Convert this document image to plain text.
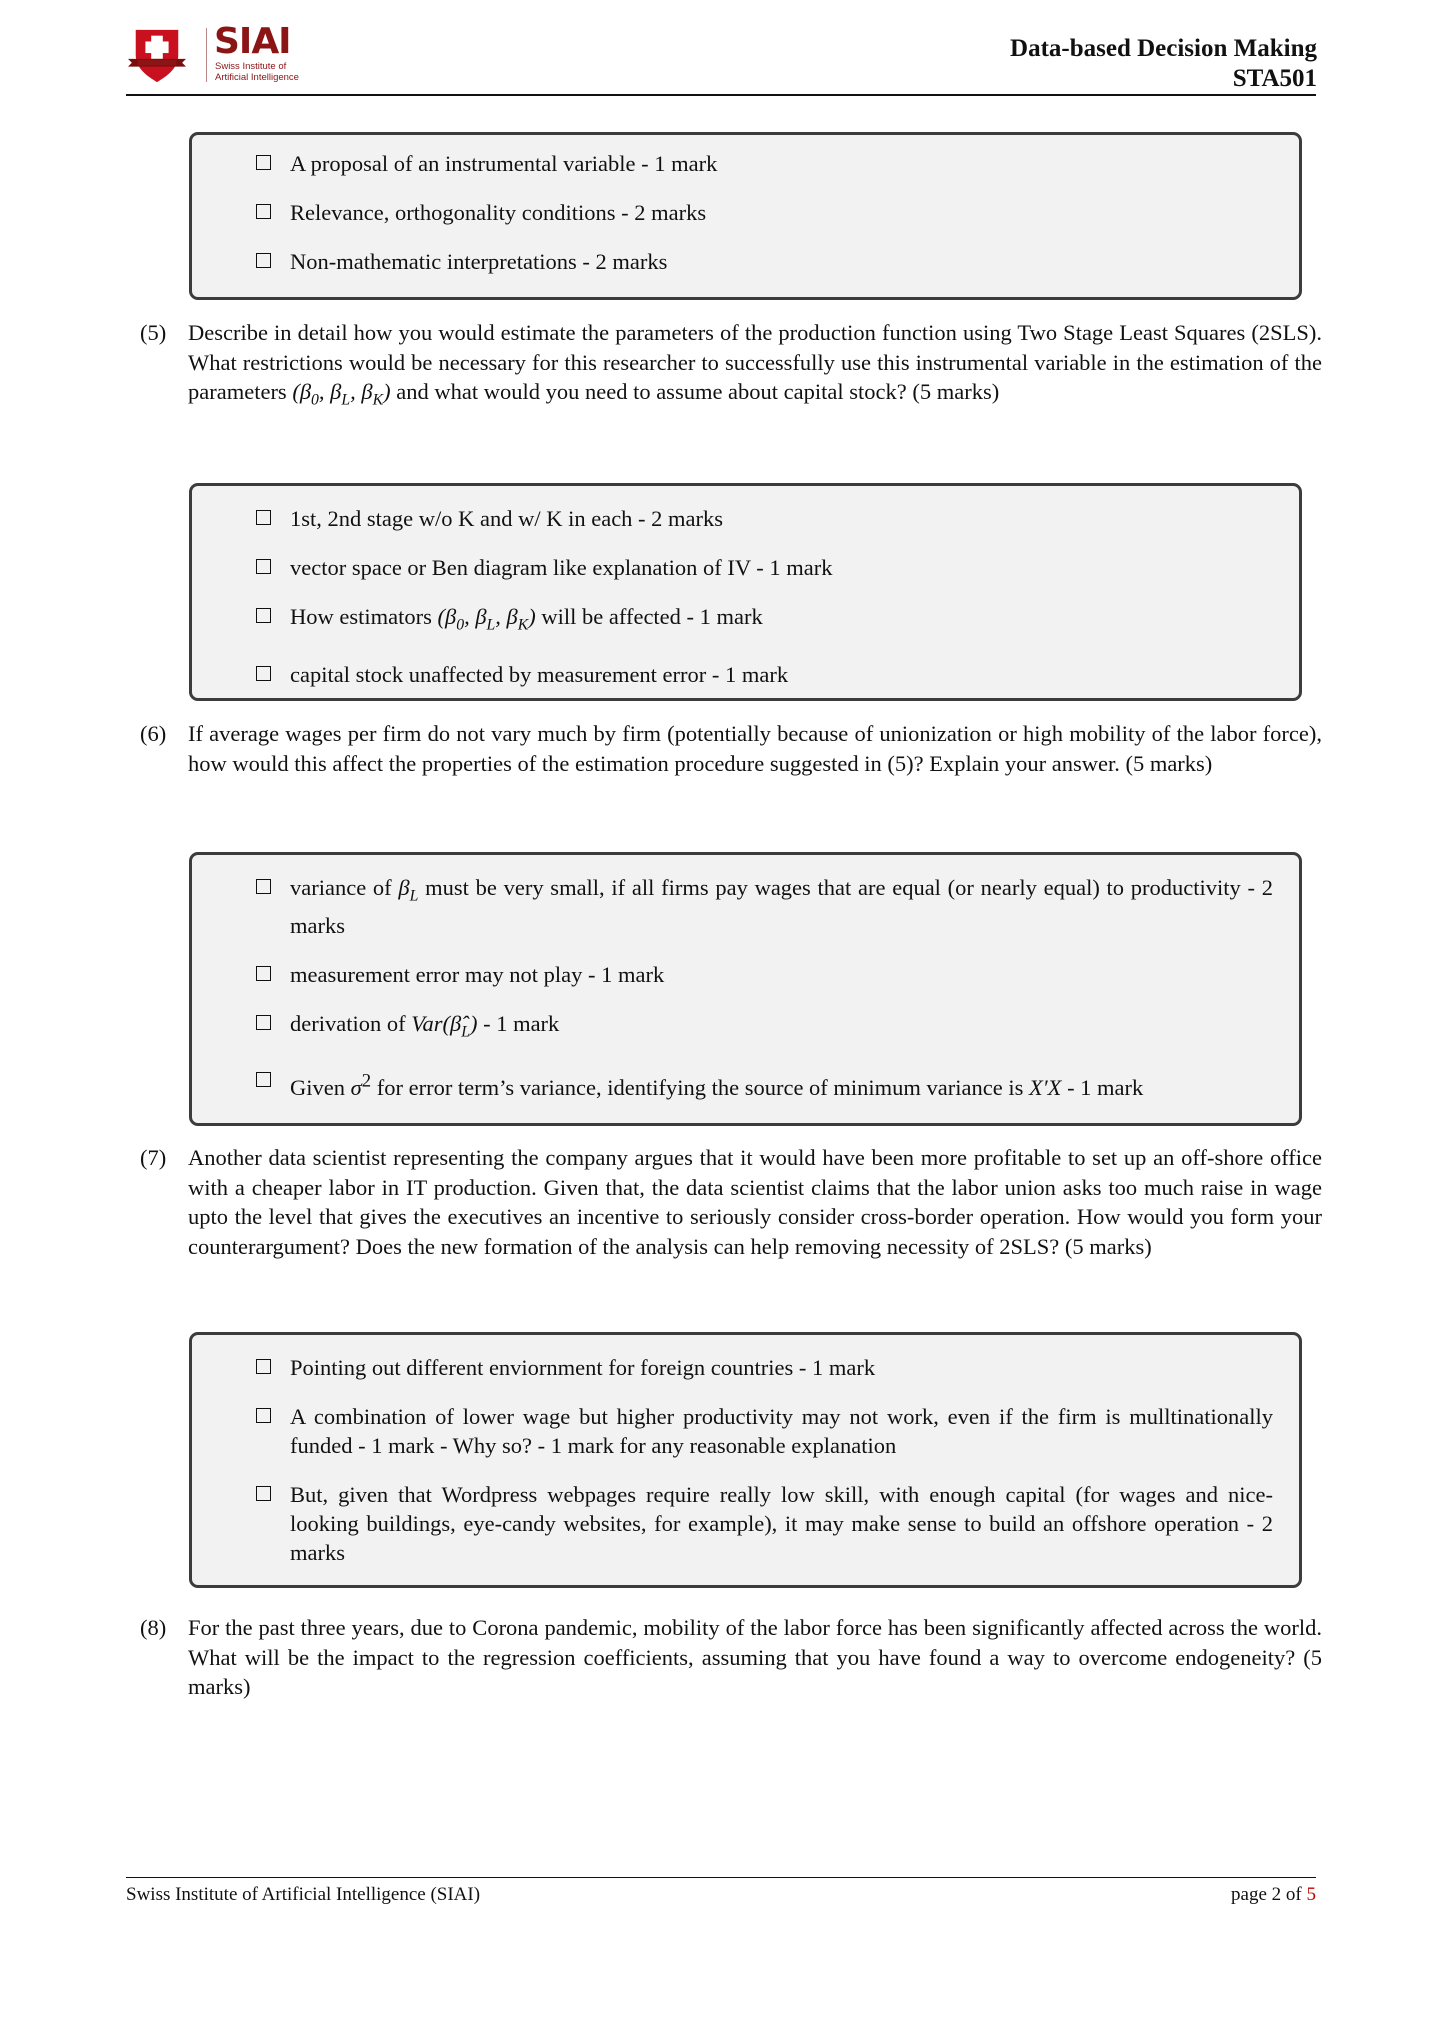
SIAI
Swiss Institute of
Artificial Intelligence
Data-based Decision Making
STA501
A proposal of an instrumental variable - 1 mark
Relevance, orthogonality conditions - 2 marks
Non-mathematic interpretations - 2 marks
(5) Describe in detail how you would estimate the parameters of the production function using Two Stage Least Squares (2SLS). What restrictions would be necessary for this researcher to successfully use this instrumental variable in the estimation of the parameters ($\beta_0$, $\beta_L$, $\beta_K$) and what would you need to assume about capital stock? (5 marks)
1st, 2nd stage w/o K and w/ K in each - 2 marks
vector space or Ben diagram like explanation of IV - 1 mark
How estimators ($\beta_0$, $\beta_L$, $\beta_K$) will be affected - 1 mark
capital stock unaffected by measurement error - 1 mark
(6) If average wages per firm do not vary much by firm (potentially because of unionization or high mobility of the labor force), how would this affect the properties of the estimation procedure suggested in (5)? Explain your answer. (5 marks)
variance of $\beta_L$ must be very small, if all firms pay wages that are equal (or nearly equal) to productivity - 2 marks
measurement error may not play - 1 mark
derivation of $Var(\betâ_L) - 1$ mark
Given $\sigma^2$ for error term’s variance, identifying the source of minimum variance is X′X - 1 mark
(7) Another data scientist representing the company argues that it would have been more profitable to set up an off-shore office with a cheaper labor in IT production. Given that, the data scientist claims that the labor union asks too much raise in wage upto the level that gives the executives an incentive to seriously consider cross-border operation. How would you form your counterargument? Does the new formation of the analysis can help removing necessity of 2SLS? (5 marks)
Pointing out different enviornment for foreign countries - 1 mark
A combination of lower wage but higher productivity may not work, even if the firm is mulltinationally funded - 1 mark - Why so? - 1 mark for any reasonable explanation
But, given that Wordpress webpages require really low skill, with enough capital (for wages and nice-looking buildings, eye-candy websites, for example), it may make sense to build an offshore operation - 2 marks
(8) For the past three years, due to Corona pandemic, mobility of the labor force has been significantly affected across the world. What will be the impact to the regression coefficients, assuming that you have found a way to overcome endogeneity? (5 marks)
Swiss Institute of Artificial Intelligence (SIAI)	page 2 of 5
